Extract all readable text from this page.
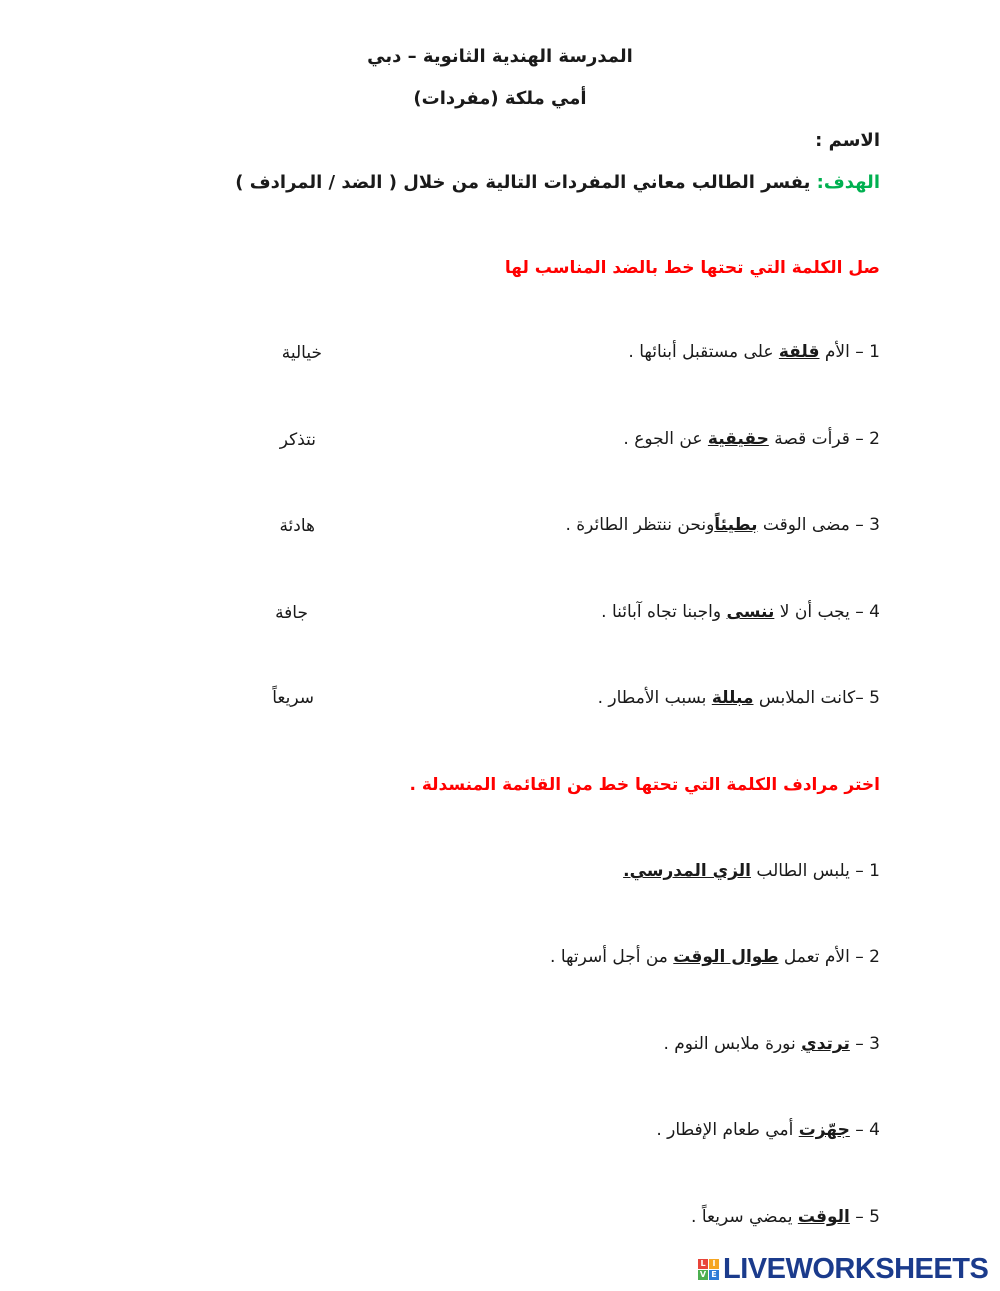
المدرسة الهندية الثانوية – دبي
أمي ملكة (مفردات)
الاسم :
الهدف: يفسر الطالب معاني المفردات التالية من خلال ( الضد / المرادف )
صل الكلمة التي تحتها خط بالضد المناسب لها
1 – الأم قلقة على مستقبل أبنائها .
2 – قرأت قصة حقيقية عن الجوع .
3 – مضى الوقت بطيئاًونحن ننتظر الطائرة .
4 – يجب أن لا ننسى واجبنا تجاه آبائنا .
5 –كانت الملابس مبللة بسبب الأمطار .
خيالية
نتذكر
هادئة
جافة
سريعاً
اختر مرادف الكلمة التي تحتها خط من القائمة المنسدلة .
1 – يلبس الطالب الزي المدرسي.
2 – الأم تعمل طوال الوقت من أجل أسرتها .
3 – ترتدي نورة ملابس النوم .
4 – جهّزت أمي طعام الإفطار .
5 – الوقت يمضي سريعاً .
L I
V E LIVEWORKSHEETS
